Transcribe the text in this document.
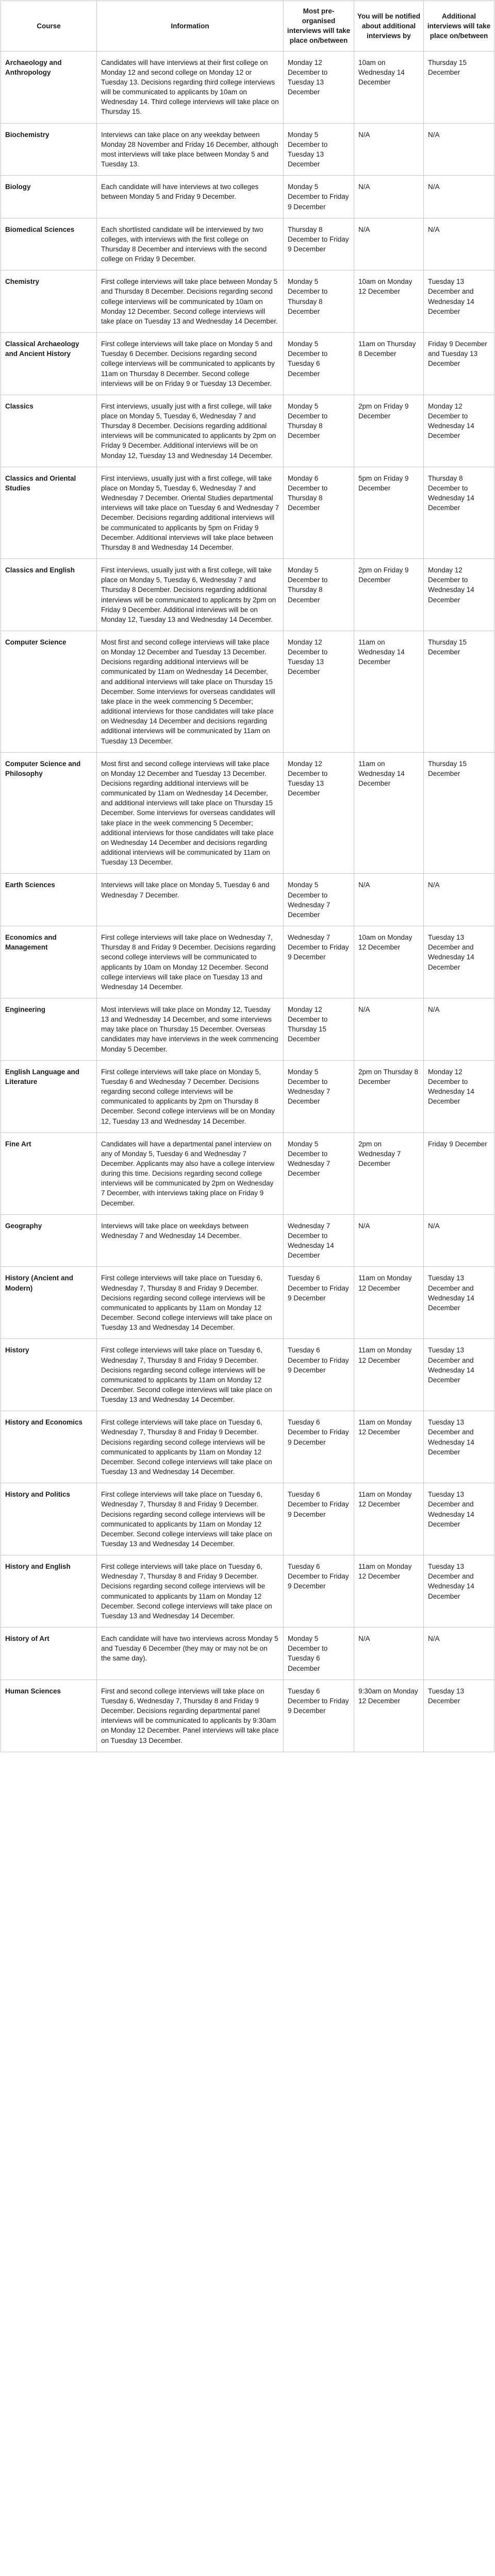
Course	Information	Most pre-organised interviews will take place on/between	You will be notified about additional interviews by	Additional interviews will take place on/between
Archaeology and Anthropology	Candidates will have interviews at their first college on Monday 12 and second college on Monday 12 or Tuesday 13. Decisions regarding third college interviews will be communicated to applicants by 10am on Wednesday 14. Third college interviews will take place on Thursday 15.	Monday 12 December to Tuesday 13 December	10am on Wednesday 14 December	Thursday 15 December
Biochemistry	Interviews can take place on any weekday between Monday 28 November and Friday 16 December, although most interviews will take place between Monday 5 and Tuesday 13.	Monday 5 December to Tuesday 13 December	N/A	N/A
Biology	Each candidate will have interviews at two colleges between Monday 5 and Friday 9 December.	Monday 5 December to Friday 9 December	N/A	N/A
Biomedical Sciences	Each shortlisted candidate will be interviewed by two colleges, with interviews with the first college on Thursday 8 December and interviews with the second college on Friday 9 December.	Thursday 8 December to Friday 9 December	N/A	N/A
Chemistry	First college interviews will take place between Monday 5 and Thursday 8 December. Decisions regarding second college interviews will be communicated by 10am on Monday 12 December. Second college interviews will take place on Tuesday 13 and Wednesday 14 December.	Monday 5 December to Thursday 8 December	10am on Monday 12 December	Tuesday 13 December and Wednesday 14 December
Classical Archaeology and Ancient History	First college interviews will take place on Monday 5 and Tuesday 6 December. Decisions regarding second college interviews will be communicated to applicants by 11am on Thursday 8 December. Second college interviews will be on Friday 9 or Tuesday 13 December.	Monday 5 December to Tuesday 6 December	11am on Thursday 8 December	Friday 9 December and Tuesday 13 December
Classics	First interviews, usually just with a first college, will take place on Monday 5, Tuesday 6, Wednesday 7 and Thursday 8 December. Decisions regarding additional interviews will be communicated to applicants by 2pm on Friday 9 December. Additional interviews will be on Monday 12, Tuesday 13 and Wednesday 14 December.	Monday 5 December to Thursday 8 December	2pm on Friday 9 December	Monday 12 December to Wednesday 14 December
Classics and Oriental Studies	First interviews, usually just with a first college, will take place on Monday 5, Tuesday 6, Wednesday 7 and Wednesday 7 December. Oriental Studies departmental interviews will take place on Tuesday 6 and Wednesday 7 December. Decisions regarding additional interviews will be communicated to applicants by 5pm on Friday 9 December. Additional interviews will take place between Thursday 8 and Wednesday 14 December.	Monday 6 December to Thursday 8 December	5pm on Friday 9 December	Thursday 8 December to Wednesday 14 December
Classics and English	First interviews, usually just with a first college, will take place on Monday 5, Tuesday 6, Wednesday 7 and Thursday 8 December. Decisions regarding additional interviews will be communicated to applicants by 2pm on Friday 9 December. Additional interviews will be on Monday 12, Tuesday 13 and Wednesday 14 December.	Monday 5 December to Thursday 8 December	2pm on Friday 9 December	Monday 12 December to Wednesday 14 December
Computer Science	Most first and second college interviews will take place on Monday 12 December and Tuesday 13 December. Decisions regarding additional interviews will be communicated by 11am on Wednesday 14 December, and additional interviews will take place on Thursday 15 December. Some interviews for overseas candidates will take place in the week commencing 5 December; additional interviews for those candidates will take place on Wednesday 14 December and decisions regarding additional interviews will be communicated by 11am on Tuesday 13 December.	Monday 12 December to Tuesday 13 December	11am on Wednesday 14 December	Thursday 15 December
Computer Science and Philosophy	Most first and second college interviews will take place on Monday 12 December and Tuesday 13 December. Decisions regarding additional interviews will be communicated by 11am on Wednesday 14 December, and additional interviews will take place on Thursday 15 December. Some interviews for overseas candidates will take place in the week commencing 5 December; additional interviews for those candidates will take place on Wednesday 14 December and decisions regarding additional interviews will be communicated by 11am on Tuesday 13 December.	Monday 12 December to Tuesday 13 December	11am on Wednesday 14 December	Thursday 15 December
Earth Sciences	Interviews will take place on Monday 5, Tuesday 6 and Wednesday 7 December.	Monday 5 December to Wednesday 7 December	N/A	N/A
Economics and Management	First college interviews will take place on Wednesday 7, Thursday 8 and Friday 9 December. Decisions regarding second college interviews will be communicated to applicants by 10am on Monday 12 December. Second college interviews will take place on Tuesday 13 and Wednesday 14 December.	Wednesday 7 December to Friday 9 December	10am on Monday 12 December	Tuesday 13 December and Wednesday 14 December
Engineering	Most interviews will take place on Monday 12, Tuesday 13 and Wednesday 14 December, and some interviews may take place on Thursday 15 December. Overseas candidates may have interviews in the week commencing Monday 5 December.	Monday 12 December to Thursday 15 December	N/A	N/A
English Language and Literature	First college interviews will take place on Monday 5, Tuesday 6 and Wednesday 7 December. Decisions regarding second college interviews will be communicated to applicants by 2pm on Thursday 8 December. Second college interviews will be on Monday 12, Tuesday 13 and Wednesday 14 December.	Monday 5 December to Wednesday 7 December	2pm on Thursday 8 December	Monday 12 December to Wednesday 14 December
Fine Art	Candidates will have a departmental panel interview on any of Monday 5, Tuesday 6 and Wednesday 7 December. Applicants may also have a college interview during this time. Decisions regarding second college interviews will be communicated by 2pm on Wednesday 7 December, with interviews taking place on Friday 9 December.	Monday 5 December to Wednesday 7 December	2pm on Wednesday 7 December	Friday 9 December
Geography	Interviews will take place on weekdays between Wednesday 7 and Wednesday 14 December.	Wednesday 7 December to Wednesday 14 December	N/A	N/A
History (Ancient and Modern)	First college interviews will take place on Tuesday 6, Wednesday 7, Thursday 8 and Friday 9 December. Decisions regarding second college interviews will be communicated to applicants by 11am on Monday 12 December. Second college interviews will take place on Tuesday 13 and Wednesday 14 December.	Tuesday 6 December to Friday 9 December	11am on Monday 12 December	Tuesday 13 December and Wednesday 14 December
History	First college interviews will take place on Tuesday 6, Wednesday 7, Thursday 8 and Friday 9 December. Decisions regarding second college interviews will be communicated to applicants by 11am on Monday 12 December. Second college interviews will take place on Tuesday 13 and Wednesday 14 December.	Tuesday 6 December to Friday 9 December	11am on Monday 12 December	Tuesday 13 December and Wednesday 14 December
History and Economics	First college interviews will take place on Tuesday 6, Wednesday 7, Thursday 8 and Friday 9 December. Decisions regarding second college interviews will be communicated to applicants by 11am on Monday 12 December. Second college interviews will take place on Tuesday 13 and Wednesday 14 December.	Tuesday 6 December to Friday 9 December	11am on Monday 12 December	Tuesday 13 December and Wednesday 14 December
History and Politics	First college interviews will take place on Tuesday 6, Wednesday 7, Thursday 8 and Friday 9 December. Decisions regarding second college interviews will be communicated to applicants by 11am on Monday 12 December. Second college interviews will take place on Tuesday 13 and Wednesday 14 December.	Tuesday 6 December to Friday 9 December	11am on Monday 12 December	Tuesday 13 December and Wednesday 14 December
History and English	First college interviews will take place on Tuesday 6, Wednesday 7, Thursday 8 and Friday 9 December. Decisions regarding second college interviews will be communicated to applicants by 11am on Monday 12 December. Second college interviews will take place on Tuesday 13 and Wednesday 14 December.	Tuesday 6 December to Friday 9 December	11am on Monday 12 December	Tuesday 13 December and Wednesday 14 December
History of Art	Each candidate will have two interviews across Monday 5 and Tuesday 6 December (they may or may not be on the same day).	Monday 5 December to Tuesday 6 December	N/A	N/A
Human Sciences	First and second college interviews will take place on Tuesday 6, Wednesday 7, Thursday 8 and Friday 9 December. Decisions regarding departmental panel interviews will be communicated to applicants by 9:30am on Monday 12 December. Panel interviews will take place on Tuesday 13 December.	Tuesday 6 December to Friday 9 December	9:30am on Monday 12 December	Tuesday 13 December
